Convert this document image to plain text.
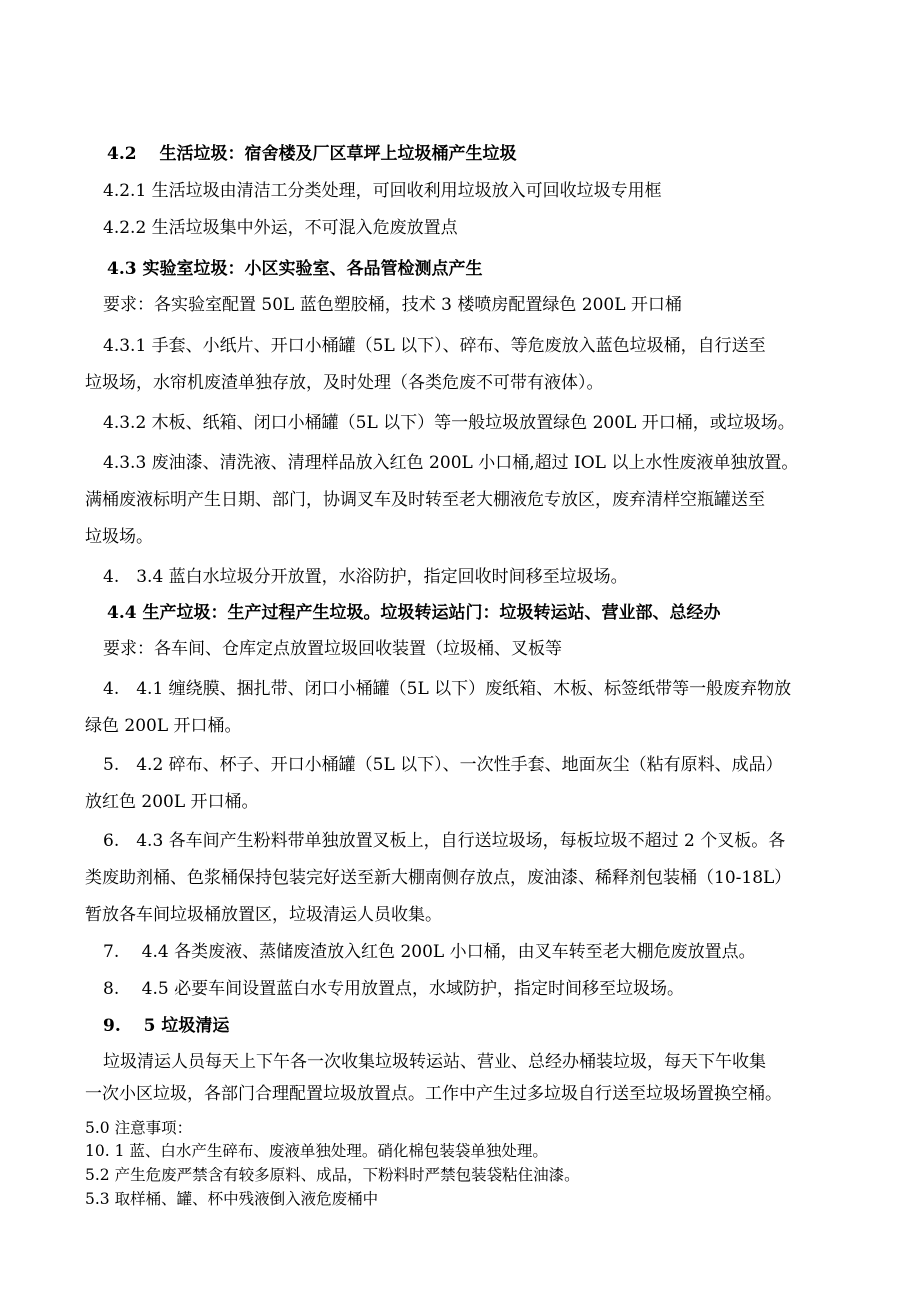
4.2　 生活垃圾：宿舍楼及厂区草坪上垃圾桶产生垃圾
4.2.1 生活垃圾由清洁工分类处理，可回收利用垃圾放入可回收垃圾专用框
4.2.2 生活垃圾集中外运，不可混入危废放置点
4.3 实验室垃圾：小区实验室、各品管检测点产生
要求：各实验室配置 50L 蓝色塑胶桶，技术 3 楼喷房配置绿色 200L 开口桶
4.3.1 手套、小纸片、开口小桶罐（5L 以下）、碎布、等危废放入蓝色垃圾桶，自行送至
垃圾场，水帘机废渣单独存放，及时处理（各类危废不可带有液体）。
4.3.2 木板、纸箱、闭口小桶罐（5L 以下）等一般垃圾放置绿色 200L 开口桶，或垃圾场。
4.3.3 废油漆、清洗液、清理样品放入红色 200L 小口桶,超过 IOL 以上水性废液单独放置。
满桶废液标明产生日期、部门，协调叉车及时转至老大棚液危专放区，废弃清样空瓶罐送至
垃圾场。
4.　3.4 蓝白水垃圾分开放置，水浴防护，指定回收时间移至垃圾场。
4.4 生产垃圾：生产过程产生垃圾。垃圾转运站门：垃圾转运站、营业部、总经办
要求：各车间、仓库定点放置垃圾回收装置（垃圾桶、叉板等
4.　4.1 缠绕膜、捆扎带、闭口小桶罐（5L 以下）废纸箱、木板、标签纸带等一般废弃物放
绿色 200L 开口桶。
5.　4.2 碎布、杯子、开口小桶罐（5L 以下）、一次性手套、地面灰尘（粘有原料、成品）
放红色 200L 开口桶。
6.　4.3 各车间产生粉料带单独放置叉板上，自行送垃圾场，每板垃圾不超过 2 个叉板。各
类废助剂桶、色浆桶保持包装完好送至新大棚南侧存放点，废油漆、稀释剂包装桶（10-18L）
暂放各车间垃圾桶放置区，垃圾清运人员收集。
7.　 4.4 各类废液、蒸储废渣放入红色 200L 小口桶，由叉车转至老大棚危废放置点。
8.　 4.5 必要车间设置蓝白水专用放置点，水域防护，指定时间移至垃圾场。
9.　 5 垃圾清运
垃圾清运人员每天上下午各一次收集垃圾转运站、营业、总经办桶装垃圾，每天下午收集
一次小区垃圾，各部门合理配置垃圾放置点。工作中产生过多垃圾自行送至垃圾场置换空桶。
5.0 注意事项：
10. 1 蓝、白水产生碎布、废液单独处理。硝化棉包装袋单独处理。
5.2 产生危废严禁含有较多原料、成品，下粉料时严禁包装袋粘住油漆。
5.3 取样桶、罐、杯中残液倒入液危废桶中
